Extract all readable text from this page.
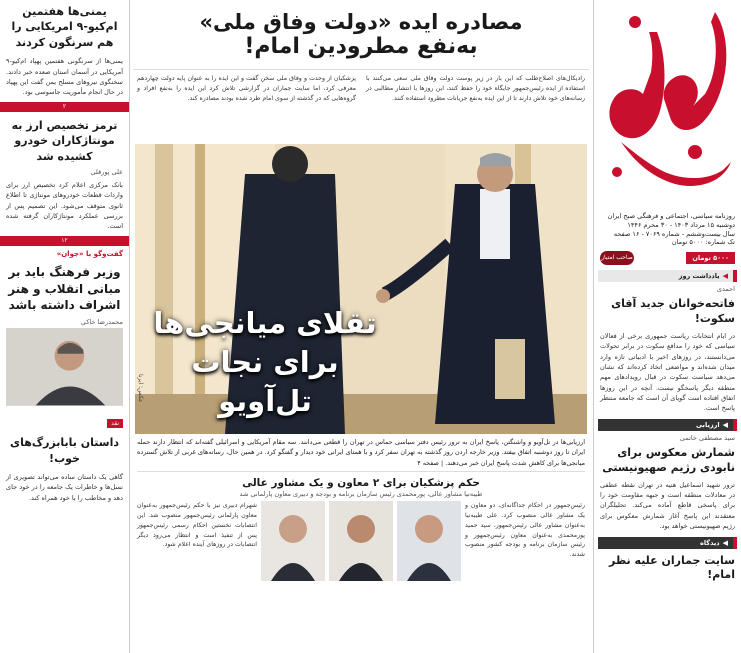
روزنامه سیاسی، اجتماعی و فرهنگی صبح ایران
دوشنبه ۱۵ مرداد ۱۴۰۳ - ۳۰ محرم ۱۴۴۶
سال بیست‌وششم - شماره ۷۰۶۹ - ۱۶ صفحه
تک شماره: ۵۰۰۰ تومان
۵۰۰۰ تومان
صاحب امتیاز
◀
یادداشت روز
احمدی
فاتحه‌خوانان جدید آقای سکوت!
در ایام انتخابات ریاست جمهوری برخی از فعالان سیاسی که خود را مدافع سکوت در برابر تحولات می‌دانستند، در روزهای اخیر با ادبیاتی تازه وارد میدان شده‌اند و مواضعی اتخاذ کرده‌اند که نشان می‌دهد سیاست سکوت در قبال رویدادهای مهم منطقه دیگر پاسخگو نیست. آنچه در این روزها اتفاق افتاده است گویای آن است که جامعه منتظر پاسخ است.
◀
ارزیابی
سید مصطفی خاتمی
شمارش معکوس برای نابودی رژیم صهیونیستی
ترور شهید اسماعیل هنیه در تهران نقطه عطفی در معادلات منطقه است و جبهه مقاومت خود را برای پاسخی قاطع آماده می‌کند. تحلیلگران معتقدند این پاسخ آغاز شمارش معکوس برای رژیم صهیونیستی خواهد بود.
◀
دیدگاه
سایت جماران علیه نظر امام!
مصادره ایده «دولت وفاق ملی»
به‌نفع مطرودین امام!
رادیکال‌های اصلاح‌طلب که این بار در زیر پوست دولت وفاق ملی سعی می‌کنند با استفاده از ایده رئیس‌جمهور جایگاه خود را حفظ کنند، این روزها با انتشار مطالبی در رسانه‌های خود تلاش دارند تا از این ایده به‌نفع جریانات مطرود استفاده کنند.
پزشکیان از وحدت و وفاق ملی سخن گفت و این ایده را به عنوان پایه دولت چهاردهم معرفی کرد، اما سایت جماران در گزارشی تلاش کرد این ایده را به‌نفع افراد و گروه‌هایی که در گذشته از سوی امام طرد شده بودند مصادره کند.
تقلای میانجی‌ها
برای نجات تل‌آویو
عکس: ایرنا
ارزیابی‌ها در تل‌آویو و واشنگتن، پاسخ ایران به ترور رئیس دفتر سیاسی حماس در تهران را قطعی می‌دانند. سه مقام آمریکایی و اسرائیلی گفته‌اند که انتظار دارند حمله ایران تا روز دوشنبه اتفاق بیفتد. وزیر خارجه اردن روز گذشته به تهران سفر کرد و با همتای ایرانی خود دیدار و گفتگو کرد. در همین حال، رسانه‌های غربی از تلاش گسترده میانجی‌ها برای کاهش شدت پاسخ ایران خبر می‌دهند. | صفحه ۴
حکم پزشکیان برای ۲ معاون و یک مشاور عالی
طیبه‌نیا مشاور عالی، پورمحمدی رئیس سازمان برنامه و بودجه و دبیری معاون پارلمانی شد
رئیس‌جمهور در احکام جداگانه‌ای، دو معاون و یک مشاور عالی منصوب کرد. علی طیبه‌نیا به‌عنوان مشاور عالی رئیس‌جمهور، سید حمید پورمحمدی به‌عنوان معاون رئیس‌جمهور و رئیس سازمان برنامه و بودجه کشور منصوب شدند.
شهرام دبیری نیز با حکم رئیس‌جمهور به‌عنوان معاون پارلمانی رئیس‌جمهور منصوب شد. این انتصابات نخستین احکام رسمی رئیس‌جمهور پس از تنفیذ است و انتظار می‌رود دیگر انتصابات در روزهای آینده اعلام شود.
یمنی‌ها هفتمین ام‌کیو-۹ امریکایی را هم سرنگون کردند
یمنی‌ها از سرنگونی هفتمین پهپاد ام‌کیو-۹ آمریکایی در آسمان استان صعده خبر دادند. سخنگوی نیروهای مسلح یمن گفت این پهپاد در حال انجام مأموریت جاسوسی بود.
۲
ترمز تخصیص ارز به مونتاژکاران خودرو کشیده شد
علی پورقلی
بانک مرکزی اعلام کرد تخصیص ارز برای واردات قطعات خودروهای مونتاژی تا اطلاع ثانوی متوقف می‌شود. این تصمیم پس از بررسی عملکرد مونتاژکاران گرفته شده است.
۱۲
گفت‌وگو با «جوان»
وزیر فرهنگ باید بر مبانی انقلاب و هنر اشراف داشته باشد
محمدرضا خاکی
نقد
داستان بابابزرگ‌های خوب!
گاهی یک داستان ساده می‌تواند تصویری از نسل‌ها و خاطرات یک جامعه را در خود جای دهد و مخاطب را با خود همراه کند.
